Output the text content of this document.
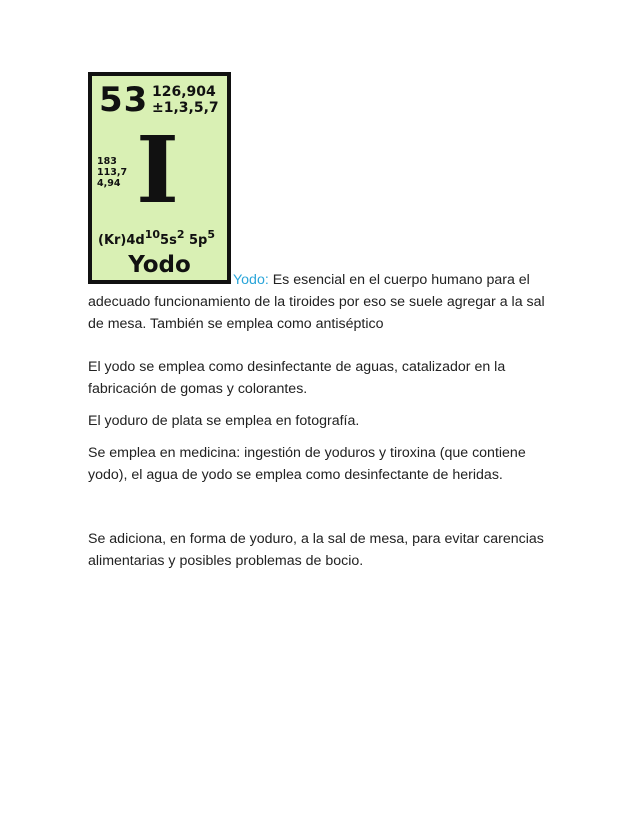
53 126,904
±1,3,5,7
183
113,7
4,94 I
$(Kr)4d^{10}5s^2$ $5p^5$
Yodo
Yodo: Es esencial en el cuerpo humano para el
adecuado funcionamiento de la tiroides por eso se suele agregar a la sal de mesa. También se emplea como antiséptico
El yodo se emplea como desinfectante de aguas, catalizador en la fabricación de gomas y colorantes.
El yoduro de plata se emplea en fotografía.
Se emplea en medicina: ingestión de yoduros y tiroxina (que contiene yodo), el agua de yodo se emplea como desinfectante de heridas.
Se adiciona, en forma de yoduro, a la sal de mesa, para evitar carencias alimentarias y posibles problemas de bocio.
